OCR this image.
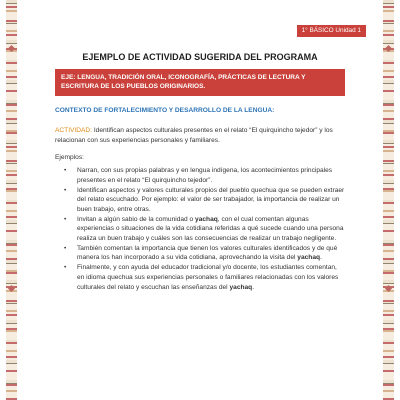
1° BÁSICO Unidad 1
EJEMPLO DE ACTIVIDAD SUGERIDA DEL PROGRAMA
EJE: LENGUA, TRADICIÓN ORAL, ICONOGRAFÍA, PRÁCTICAS DE LECTURA Y ESCRITURA DE LOS PUEBLOS ORIGINARIOS.
CONTEXTO DE FORTALECIMIENTO Y DESARROLLO DE LA LENGUA:

ACTIVIDAD: Identifican aspectos culturales presentes en el relato “El quirquincho tejedor” y los relacionan con sus experiencias personales y familiares.

Ejemplos:

• Narran, con sus propias palabras y en lengua indígena, los acontecimientos principales presentes en el relato “El quirquincho tejedor”.
• Identifican aspectos y valores culturales propios del pueblo quechua que se pueden extraer del relato escuchado. Por ejemplo: el valor de ser trabajador, la importancia de realizar un buen trabajo, entre otras.
• Invitan a algún sabio de la comunidad o yachaq, con el cual comentan algunas experiencias o situaciones de la vida cotidiana referidas a qué sucede cuando una persona realiza un buen trabajo y cuáles son las consecuencias de realizar un trabajo negligente.
• También comentan la importancia que tienen los valores culturales identificados y de qué manera los han incorporado a su vida cotidiana, aprovechando la visita del yachaq.
• Finalmente, y con ayuda del educador tradicional y/o docente, los estudiantes comentan, en idioma quechua sus experiencias personales o familiares relacionadas con los valores culturales del relato y escuchan las enseñanzas del yachaq.
